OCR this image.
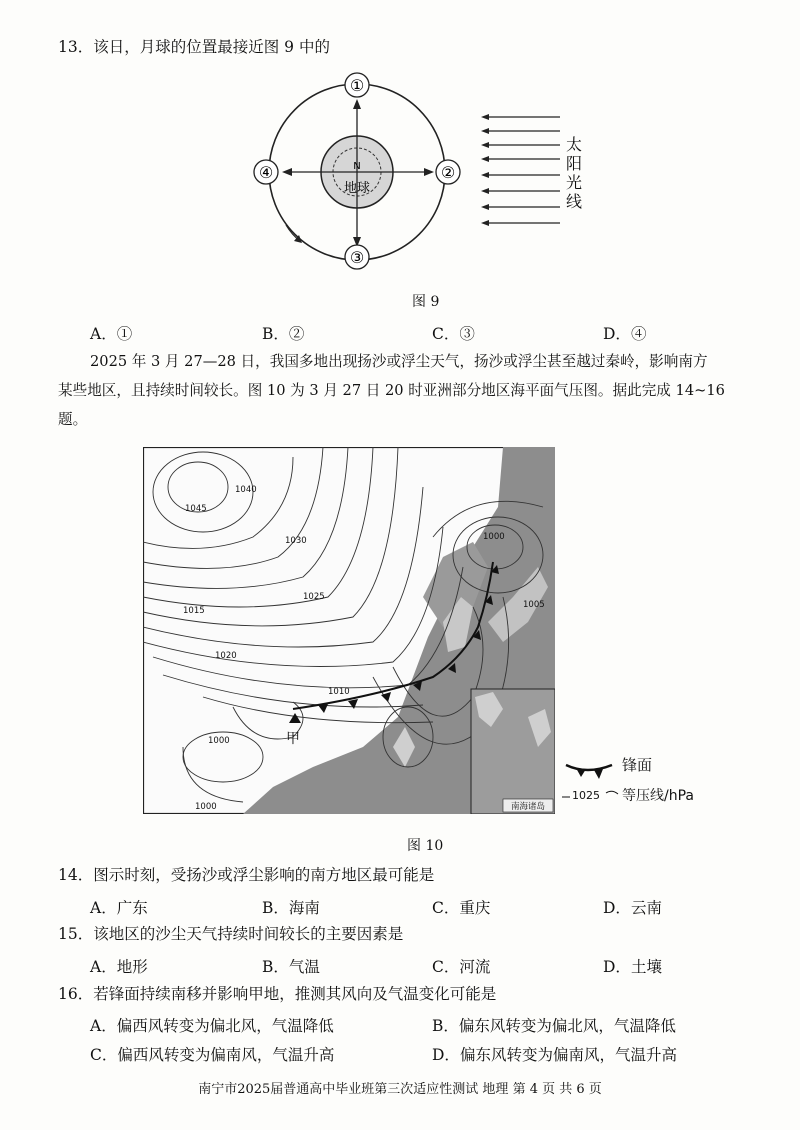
13．该日，月球的位置最接近图 9 中的
①
②
③
④	N
地球
太阳光线
图 9
A．①	B．②	C．③	D．④
2025 年 3 月 27—28 日，我国多地出现扬沙或浮尘天气，扬沙或浮尘甚至越过秦岭，影响南方
某些地区，且持续时间较长。图 10 为 3 月 27 日 20 时亚洲部分地区海平面气压图。据此完成 14~16
题。
1045
1040
1030
1025
1020
1015
1010
1005
1000
1000
1000
甲
南海诸岛
锋面
1025 等压线/hPa
图 10
14．图示时刻，受扬沙或浮尘影响的南方地区最可能是
A．广东	B．海南	C．重庆	D．云南
15．该地区的沙尘天气持续时间较长的主要因素是
A．地形	B．气温	C．河流	D．土壤
16．若锋面持续南移并影响甲地，推测其风向及气温变化可能是
A．偏西风转变为偏北风，气温降低	B．偏东风转变为偏北风，气温降低
C．偏西风转变为偏南风，气温升高	D．偏东风转变为偏南风，气温升高
南宁市2025届普通高中毕业班第三次适应性测试 地理 第 4 页 共 6 页
